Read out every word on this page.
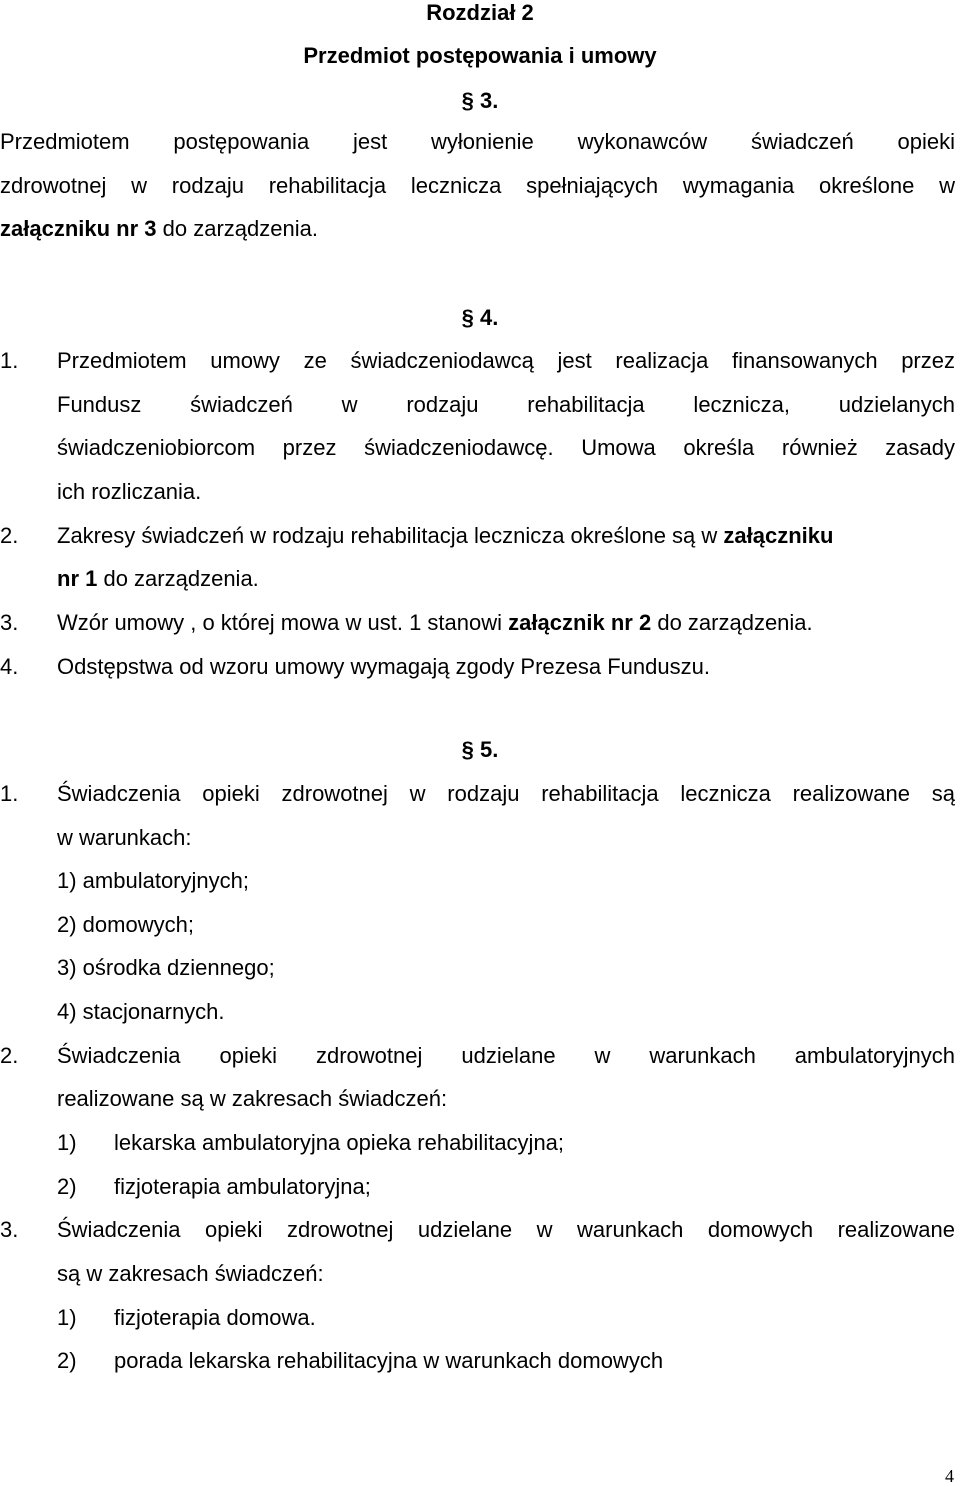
Rozdział 2
Przedmiot postępowania i umowy
§ 3.
Przedmiotem postępowania jest wyłonienie wykonawców świadczeń opieki
zdrowotnej w rodzaju rehabilitacja lecznicza spełniających wymagania określone w
załączniku nr 3 do zarządzenia.
§ 4.
1. Przedmiotem umowy ze świadczeniodawcą jest realizacja finansowanych przez
Fundusz świadczeń w rodzaju rehabilitacja lecznicza, udzielanych
świadczeniobiorcom przez świadczeniodawcę. Umowa określa również zasady
ich rozliczania.
2. Zakresy świadczeń w rodzaju rehabilitacja lecznicza określone są w załączniku
nr 1 do zarządzenia.
3. Wzór umowy , o której mowa w ust. 1 stanowi załącznik nr 2 do zarządzenia.
4. Odstępstwa od wzoru umowy wymagają zgody Prezesa Funduszu.
§ 5.
1. Świadczenia opieki zdrowotnej w rodzaju rehabilitacja lecznicza realizowane są
w warunkach:
1) ambulatoryjnych;
2) domowych;
3) ośrodka dziennego;
4) stacjonarnych.
2. Świadczenia opieki zdrowotnej udzielane w warunkach ambulatoryjnych
realizowane są w zakresach świadczeń:
1) lekarska ambulatoryjna opieka rehabilitacyjna;
2) fizjoterapia ambulatoryjna;
3. Świadczenia opieki zdrowotnej udzielane w warunkach domowych realizowane
są w zakresach świadczeń:
1) fizjoterapia domowa.
2) porada lekarska rehabilitacyjna w warunkach domowych
4
